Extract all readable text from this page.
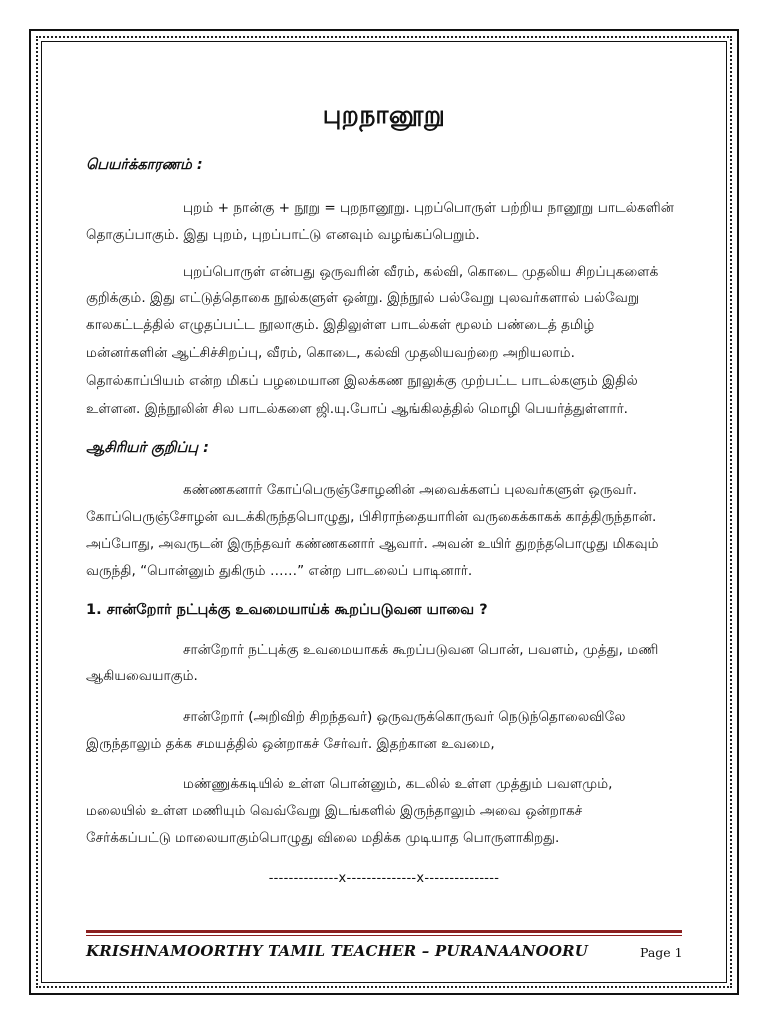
புறநானூறு
பெயர்க்காரணம் :
புறம் + நான்கு + நூறு = புறநானூறு. புறப்பொருள் பற்றிய நானூறு பாடல்களின்
தொகுப்பாகும். இது புறம், புறப்பாட்டு எனவும் வழங்கப்பெறும்.
புறப்பொருள் என்பது ஒருவரின் வீரம், கல்வி, கொடை முதலிய சிறப்புகளைக்
குறிக்கும். இது எட்டுத்தொகை நூல்களுள் ஒன்று. இந்நூல் பல்வேறு புலவர்களால் பல்வேறு
காலகட்டத்தில் எழுதப்பட்ட நூலாகும். இதிலுள்ள பாடல்கள் மூலம் பண்டைத் தமிழ்
மன்னர்களின் ஆட்சிச்சிறப்பு, வீரம், கொடை, கல்வி முதலியவற்றை அறியலாம்.
தொல்காப்பியம் என்ற மிகப் பழமையான இலக்கண நூலுக்கு முற்பட்ட பாடல்களும் இதில்
உள்ளன. இந்நூலின் சில பாடல்களை ஜி.யு.போப் ஆங்கிலத்தில் மொழி பெயர்த்துள்ளார்.
ஆசிரியர் குறிப்பு :
கண்ணகனார் கோப்பெருஞ்சோழனின் அவைக்களப் புலவர்களுள் ஒருவர்.
கோப்பெருஞ்சோழன் வடக்கிருந்தபொழுது, பிசிராந்தையாரின் வருகைக்காகக் காத்திருந்தான்.
அப்போது, அவருடன் இருந்தவர் கண்ணகனார் ஆவார். அவன் உயிர் துறந்தபொழுது மிகவும்
வருந்தி, “பொன்னும் துகிரும் ……” என்ற பாடலைப் பாடினார்.
1. சான்றோர் நட்புக்கு உவமையாய்க் கூறப்படுவன யாவை ?
சான்றோர் நட்புக்கு உவமையாகக் கூறப்படுவன பொன், பவளம், முத்து, மணி
ஆகியவையாகும்.
சான்றோர் (அறிவிற் சிறந்தவர்) ஒருவருக்கொருவர் நெடுந்தொலைவிலே
இருந்தாலும் தக்க சமயத்தில் ஒன்றாகச் சேர்வர். இதற்கான உவமை,
மண்ணுக்கடியில் உள்ள பொன்னும், கடலில் உள்ள முத்தும் பவளமும்,
மலையில் உள்ள மணியும் வெவ்வேறு இடங்களில் இருந்தாலும் அவை ஒன்றாகச்
சேர்க்கப்பட்டு மாலையாகும்பொழுது விலை மதிக்க முடியாத பொருளாகிறது.
--------------x--------------x---------------
KRISHNAMOORTHY TAMIL TEACHER – PURANAANOORU	Page 1
